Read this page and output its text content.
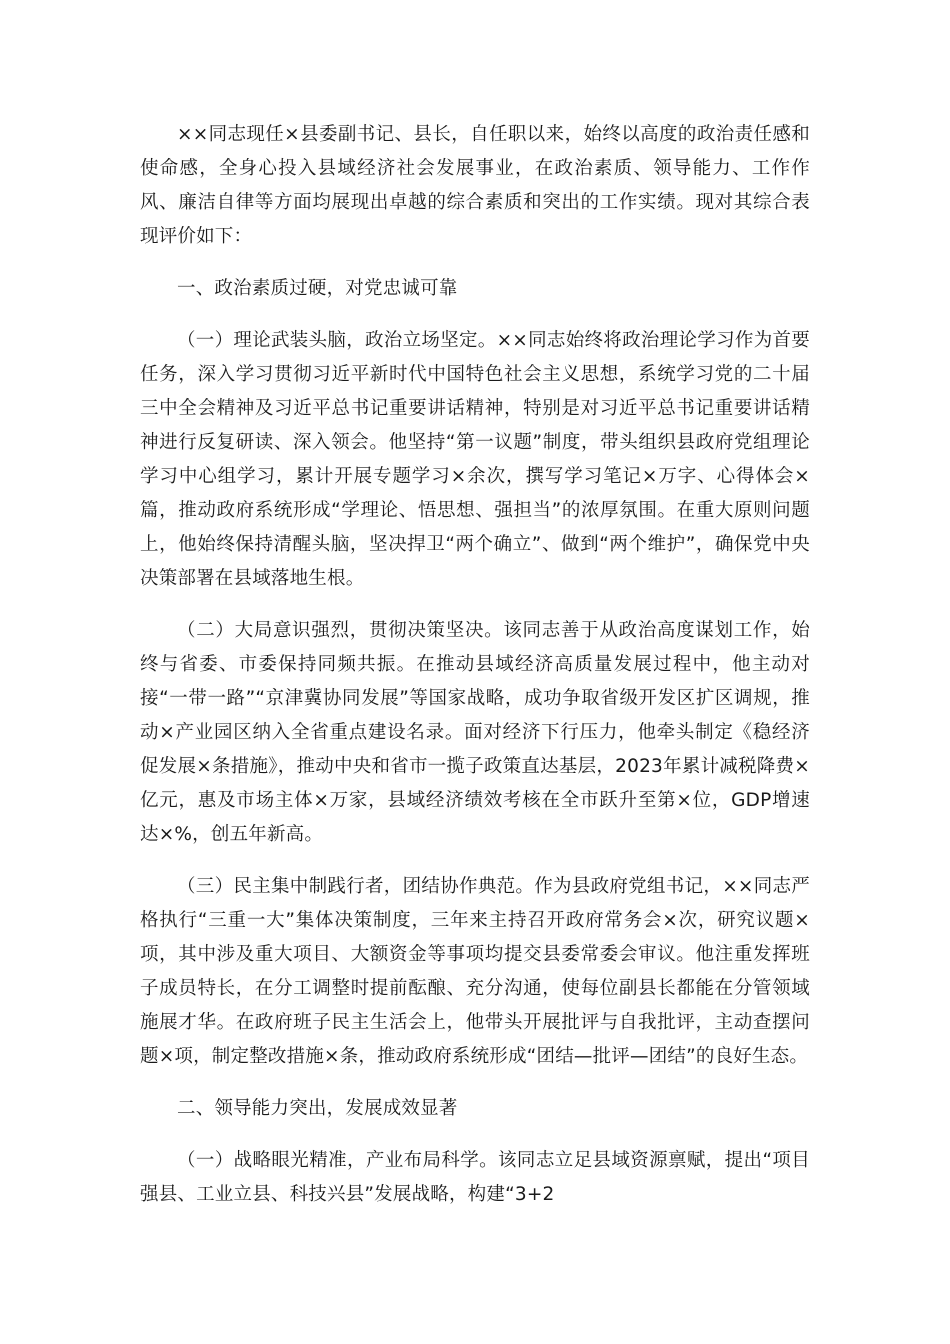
××同志现任×县委副书记、县长，自任职以来，始终以高度的政治责任感和使命感，全身心投入县域经济社会发展事业，在政治素质、领导能力、工作作风、廉洁自律等方面均展现出卓越的综合素质和突出的工作实绩。现对其综合表现评价如下：

一、政治素质过硬，对党忠诚可靠

（一）理论武装头脑，政治立场坚定。××同志始终将政治理论学习作为首要任务，深入学习贯彻习近平新时代中国特色社会主义思想，系统学习党的二十届三中全会精神及习近平总书记重要讲话精神，特别是对习近平总书记重要讲话精神进行反复研读、深入领会。他坚持“第一议题”制度，带头组织县政府党组理论学习中心组学习，累计开展专题学习×余次，撰写学习笔记×万字、心得体会×篇，推动政府系统形成“学理论、悟思想、强担当”的浓厚氛围。在重大原则问题上，他始终保持清醒头脑，坚决捍卫“两个确立”、做到“两个维护”，确保党中央决策部署在县域落地生根。

（二）大局意识强烈，贯彻决策坚决。该同志善于从政治高度谋划工作，始终与省委、市委保持同频共振。在推动县域经济高质量发展过程中，他主动对接“一带一路”“京津冀协同发展”等国家战略，成功争取省级开发区扩区调规，推动×产业园区纳入全省重点建设名录。面对经济下行压力，他牵头制定《稳经济促发展×条措施》，推动中央和省市一揽子政策直达基层，2023年累计减税降费×亿元，惠及市场主体×万家，县域经济绩效考核在全市跃升至第×位，GDP增速达×%，创五年新高。

（三）民主集中制践行者，团结协作典范。作为县政府党组书记，××同志严格执行“三重一大”集体决策制度，三年来主持召开政府常务会×次，研究议题×项，其中涉及重大项目、大额资金等事项均提交县委常委会审议。他注重发挥班子成员特长，在分工调整时提前酝酿、充分沟通，使每位副县长都能在分管领域施展才华。在政府班子民主生活会上，他带头开展批评与自我批评，主动查摆问题×项，制定整改措施×条，推动政府系统形成“团结—批评—团结”的良好生态。

二、领导能力突出，发展成效显著

（一）战略眼光精准，产业布局科学。该同志立足县域资源禀赋，提出“项目强县、工业立县、科技兴县”发展战略，构建“3+2
